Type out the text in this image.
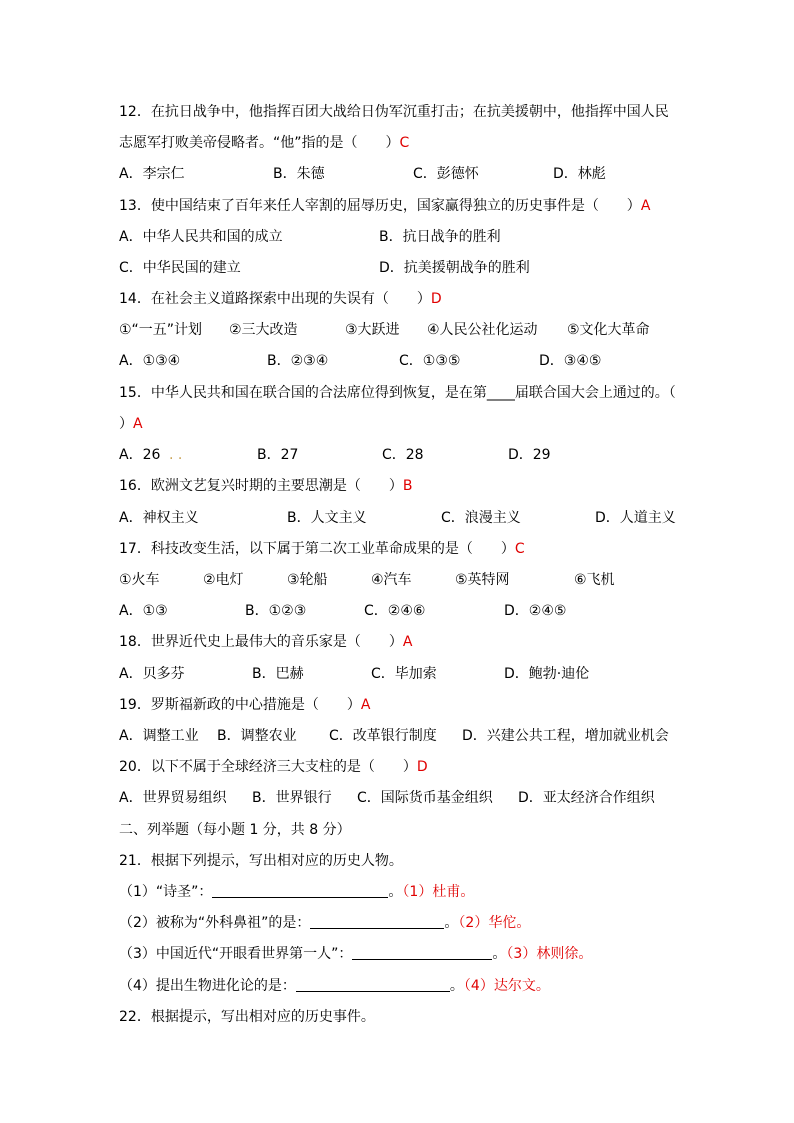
12．在抗日战争中，他指挥百团大战给日伪军沉重打击；在抗美援朝中，他指挥中国人民
志愿军打败美帝侵略者。“他”指的是（　　）C
A．李宗仁	B．朱德	C．彭德怀	D．林彪
13．使中国结束了百年来任人宰割的屈辱历史，国家赢得独立的历史事件是（　　）A
A．中华人民共和国的成立	B．抗日战争的胜利
C．中华民国的建立	D．抗美援朝战争的胜利
14．在社会主义道路探索中出现的失误有（　　）D
①“一五”计划 ②三大改造	③大跃进 ④人民公社化运动 ⑤文化大革命
A．①③④	B．②③④	C．①③⑤	D．③④⑤
15．中华人民共和国在联合国的合法席位得到恢复，是在第____届联合国大会上通过的。（
）A
A．26 . .	B．27	C．28	D．29
16．欧洲文艺复兴时期的主要思潮是（　　）B
A．神权主义	B．人文主义	C．浪漫主义	D．人道主义
17．科技改变生活，以下属于第二次工业革命成果的是（　　）C
①火车	②电灯	③轮船	④汽车	⑤英特网	⑥飞机
A．①③	B．①②③	C．②④⑥	D．②④⑤
18．世界近代史上最伟大的音乐家是（　　）A
A．贝多芬	B．巴赫	C．毕加索	D．鲍勃·迪伦
19．罗斯福新政的中心措施是（　　）A
A．调整工业 B．调整农业 C．改革银行制度 D．兴建公共工程，增加就业机会
20．以下不属于全球经济三大支柱的是（　　）D
A．世界贸易组织 B．世界银行 C．国际货币基金组织 D．亚太经济合作组织
二、列举题（每小题 1 分，共 8 分）
21．根据下列提示，写出相对应的历史人物。
（1）“诗圣”：	。（1）杜甫。
（2）被称为“外科鼻祖”的是：	。（2）华佗。
（3）中国近代“开眼看世界第一人”：	。（3）林则徐。
（4）提出生物进化论的是：	。（4）达尔文。
22．根据提示，写出相对应的历史事件。
